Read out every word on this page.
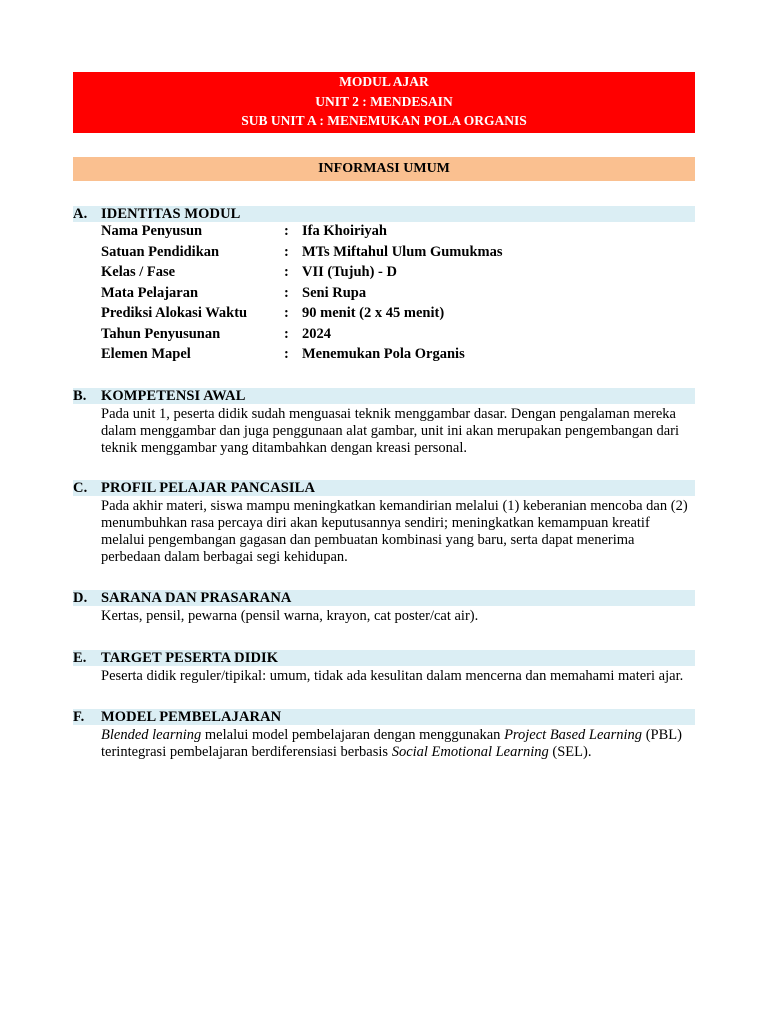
MODUL AJAR
UNIT 2 : MENDESAIN
SUB UNIT A : MENEMUKAN POLA ORGANIS
INFORMASI UMUM
A. IDENTITAS MODUL
Nama Penyusun	: Ifa Khoiriyah
Satuan Pendidikan	: MTs Miftahul Ulum Gumukmas
Kelas / Fase	: VII (Tujuh) - D
Mata Pelajaran	: Seni Rupa
Prediksi Alokasi Waktu	: 90 menit (2 x 45 menit)
Tahun Penyusunan	: 2024
Elemen Mapel	: Menemukan Pola Organis
B.	KOMPETENSI AWAL
Pada unit 1, peserta didik sudah menguasai teknik menggambar dasar. Dengan pengalaman mereka dalam menggambar dan juga penggunaan alat gambar, unit ini akan merupakan pengembangan dari teknik menggambar yang ditambahkan dengan kreasi personal.
C. PROFIL PELAJAR PANCASILA
Pada akhir materi, siswa mampu meningkatkan kemandirian melalui (1) keberanian mencoba dan (2) menumbuhkan rasa percaya diri akan keputusannya sendiri; meningkatkan kemampuan kreatif melalui pengembangan gagasan dan pembuatan kombinasi yang baru, serta dapat menerima perbedaan dalam berbagai segi kehidupan.
D. SARANA DAN PRASARANA
Kertas, pensil, pewarna (pensil warna, krayon, cat poster/cat air).
E.	TARGET PESERTA DIDIK
Peserta didik reguler/tipikal: umum, tidak ada kesulitan dalam mencerna dan memahami materi ajar.
F.	MODEL PEMBELAJARAN
Blended learning melalui model pembelajaran dengan menggunakan Project Based Learning (PBL) terintegrasi pembelajaran berdiferensiasi berbasis Social Emotional Learning (SEL).
